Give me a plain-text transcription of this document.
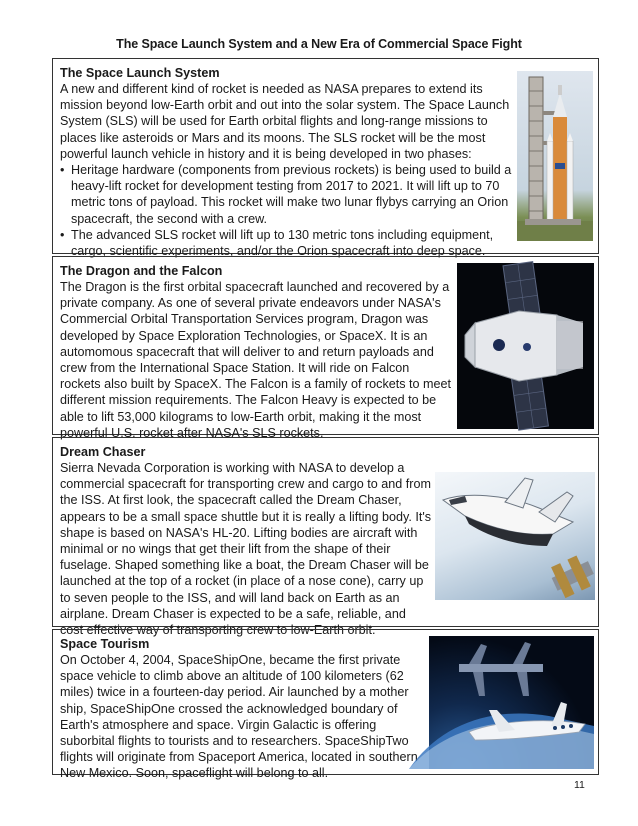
The Space Launch System and a New Era of Commercial Space Fight
The Space Launch System

A new and different kind of rocket is needed as NASA prepares to extend its mission beyond low-Earth orbit and out into the solar system. The Space Launch System (SLS) will be used for Earth orbital flights and long-range missions to places like asteroids or Mars and its moons. The SLS rocket will be the most powerful launch vehicle in history and it is being developed in two phases:

• Heritage hardware (components from previous rockets) is being used to build a heavy-lift rocket for development testing from 2017 to 2021. It will lift up to 70 metric tons of payload. This rocket will make two lunar flybys carrying an Orion spacecraft, the second with a crew.
• The advanced SLS rocket will lift up to 130 metric tons including equipment, cargo, scientific experiments, and/or the Orion spacecraft into deep space.
The Dragon and the Falcon

The Dragon is the first orbital spacecraft launched and recovered by a private company. As one of several private endeavors under NASA's Commercial Orbital Transportation Services program, Dragon was developed by Space Exploration Technologies, or SpaceX. It is an automomous spacecraft that will deliver to and return payloads and crew from the International Space Station. It will ride on Falcon rockets also built by SpaceX. The Falcon is a family of rockets to meet different mission requirements. The Falcon Heavy is expected to be able to lift 53,000 kilograms to low-Earth orbit, making it the most powerful U.S. rocket after NASA's SLS rockets.

Dream Chaser

Sierra Nevada Corporation is working with NASA to develop a commercial spacecraft for transporting crew and cargo to and from the ISS. At first look, the spacecraft called the Dream Chaser, appears to be a small space shuttle but it is really a lifting body. It's shape is based on NASA's HL-20. Lifting bodies are aircraft with minimal or no wings that get their lift from the shape of their fuselage. Shaped something like a boat, the Dream Chaser will be launched at the top of a rocket (in place of a nose cone), carry up to seven people to the ISS, and will land back on Earth as an airplane. Dream Chaser is expected to be a safe, reliable, and cost effective way of transporting crew to low-Earth orbit.

Space Tourism

On October 4, 2004, SpaceShipOne, became the first private space vehicle to climb above an altitude of 100 kilometers (62 miles) twice in a fourteen-day period. Air launched by a mother ship, SpaceShipOne crossed the acknowledged boundary of Earth's atmosphere and space. Virgin Galactic is offering suborbital flights to tourists and to researchers. SpaceShipTwo flights will originate from Spaceport America, located in southern New Mexico. Soon, spaceflight will belong to all.

11
